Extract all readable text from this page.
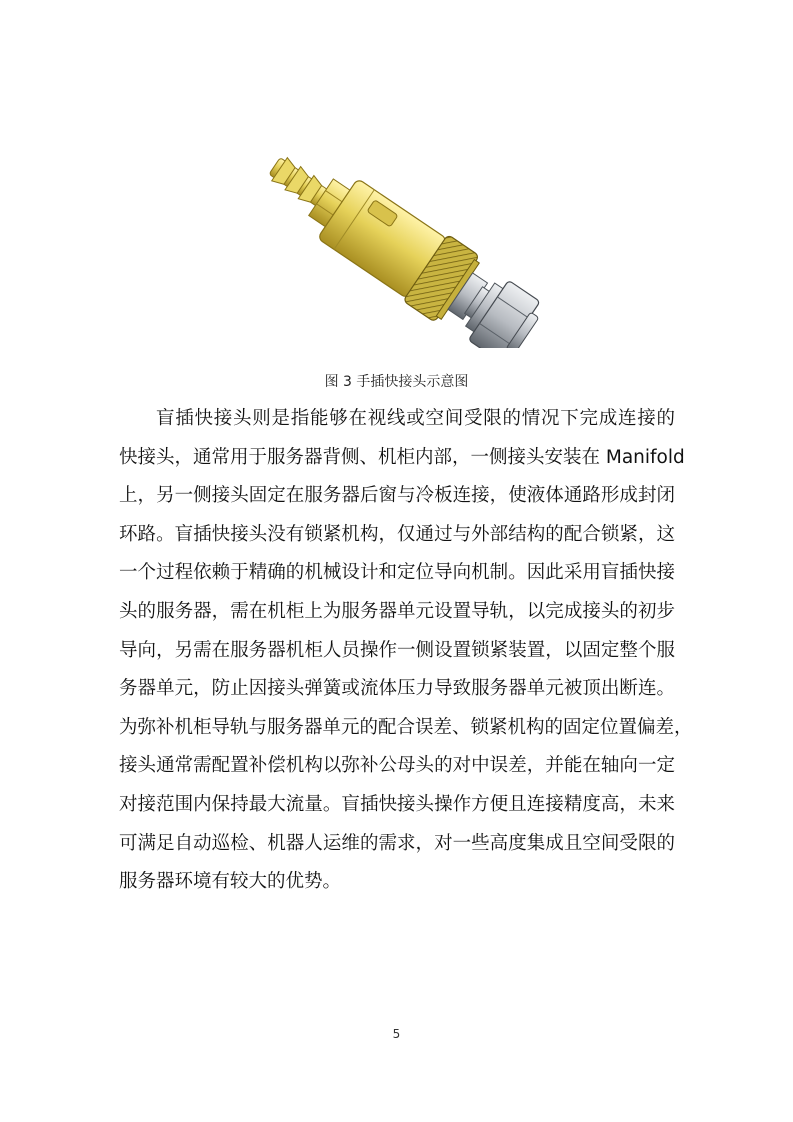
图 3 手插快接头示意图
盲插快接头则是指能够在视线或空间受限的情况下完成连接的
快接头，通常用于服务器背侧、机柜内部，一侧接头安装在 Manifold
上，另一侧接头固定在服务器后窗与冷板连接，使液体通路形成封闭
环路。盲插快接头没有锁紧机构，仅通过与外部结构的配合锁紧，这
一个过程依赖于精确的机械设计和定位导向机制。因此采用盲插快接
头的服务器，需在机柜上为服务器单元设置导轨，以完成接头的初步
导向，另需在服务器机柜人员操作一侧设置锁紧装置，以固定整个服
务器单元，防止因接头弹簧或流体压力导致服务器单元被顶出断连。
为弥补机柜导轨与服务器单元的配合误差、锁紧机构的固定位置偏差，
接头通常需配置补偿机构以弥补公母头的对中误差，并能在轴向一定
对接范围内保持最大流量。盲插快接头操作方便且连接精度高，未来
可满足自动巡检、机器人运维的需求，对一些高度集成且空间受限的
服务器环境有较大的优势。
5
